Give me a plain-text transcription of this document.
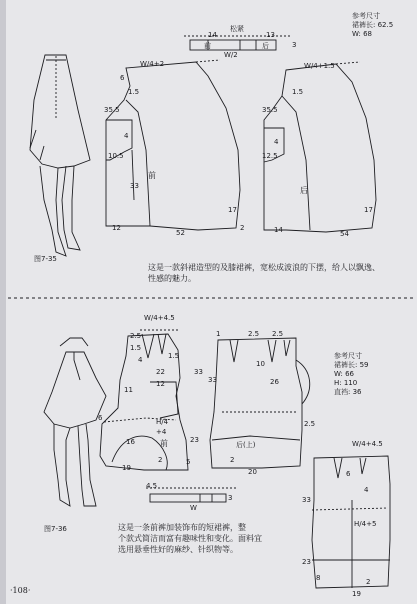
参考尺寸
裙裤长: 62.5
W: 68
松紧
14	13
前	后
W/2
3
W/4+2
6
1.5
35.5
10.5
4
33
前
17
12
52
2
W/4+1.5
1.5
35.5
12.5
4
后
17
14	54
图7-35
这是一款斜裙造型的及膝裙裤，宽松成波浪的下摆，给人以飘逸、
性感的魅力。
参考尺寸
裙裤长: 59
W: 66
H: 110
直裆: 36
W/4+4.5
1.5
22	33
2.5
4
11
1.5
12
6	H/4
+4
23
前
16
2
19
5
1	2.5 2.5
33
10
26
后(上)
2
20
2.5
4.5
W
3
W/4+4.5
33
6
4
H/4+5
23
8
19
2
图7-36	这是一条前裤加装饰布的短裙裤，整
个款式简洁而富有趣味性和变化。面料宜
选用悬垂性好的麻纱、针织物等。
·108·
